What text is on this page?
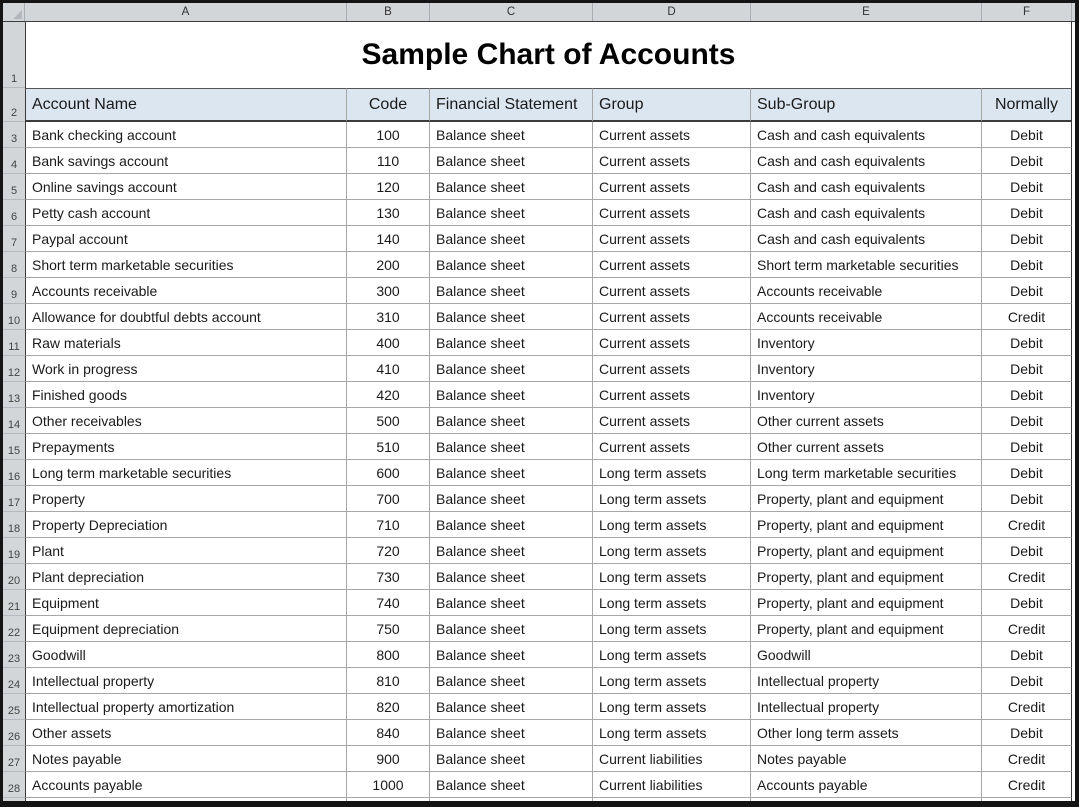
A	B	C	D	E	F
1
Sample Chart of Accounts
2
Account Name	Code	Financial Statement	Group	Sub-Group	Normally
3	Bank checking account	100	Balance sheet	Current assets	Cash and cash equivalents	Debit
4	Bank savings account	110	Balance sheet	Current assets	Cash and cash equivalents	Debit
5	Online savings account	120	Balance sheet	Current assets	Cash and cash equivalents	Debit
6	Petty cash account	130	Balance sheet	Current assets	Cash and cash equivalents	Debit
7	Paypal account	140	Balance sheet	Current assets	Cash and cash equivalents	Debit
8	Short term marketable securities	200	Balance sheet	Current assets	Short term marketable securities	Debit
9	Accounts receivable	300	Balance sheet	Current assets	Accounts receivable	Debit
10 Allowance for doubtful debts account	310	Balance sheet	Current assets	Accounts receivable	Credit
11 Raw materials	400	Balance sheet	Current assets	Inventory	Debit
12 Work in progress	410	Balance sheet	Current assets	Inventory	Debit
13 Finished goods	420	Balance sheet	Current assets	Inventory	Debit
14 Other receivables	500	Balance sheet	Current assets	Other current assets	Debit
15 Prepayments	510	Balance sheet	Current assets	Other current assets	Debit
16 Long term marketable securities	600	Balance sheet	Long term assets	Long term marketable securities	Debit
17 Property	700	Balance sheet	Long term assets	Property, plant and equipment	Debit
18 Property Depreciation	710	Balance sheet	Long term assets	Property, plant and equipment	Credit
19 Plant	720	Balance sheet	Long term assets	Property, plant and equipment	Debit
20 Plant depreciation	730	Balance sheet	Long term assets	Property, plant and equipment	Credit
21 Equipment	740	Balance sheet	Long term assets	Property, plant and equipment	Debit
22 Equipment depreciation	750	Balance sheet	Long term assets	Property, plant and equipment	Credit
23 Goodwill	800	Balance sheet	Long term assets	Goodwill	Debit
24 Intellectual property	810	Balance sheet	Long term assets	Intellectual property	Debit
25 Intellectual property amortization	820	Balance sheet	Long term assets	Intellectual property	Credit
26 Other assets	840	Balance sheet	Long term assets	Other long term assets	Debit
27 Notes payable	900	Balance sheet	Current liabilities	Notes payable	Credit
28 Accounts payable	1000	Balance sheet	Current liabilities	Accounts payable	Credit
